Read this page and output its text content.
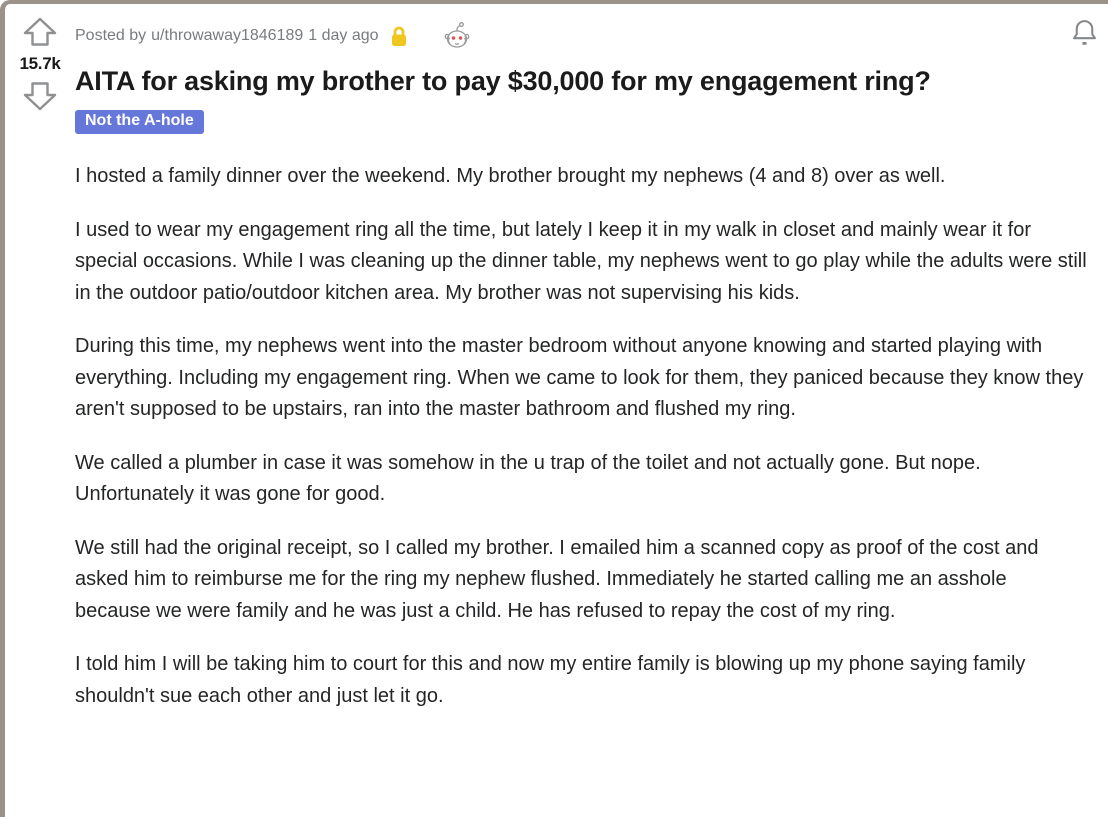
15.7k
Posted by u/throwaway1846189 1 day ago
AITA for asking my brother to pay $30,000 for my engagement ring?
Not the A-hole

I hosted a family dinner over the weekend. My brother brought my nephews (4 and 8) over as well.

I used to wear my engagement ring all the time, but lately I keep it in my walk in closet and mainly wear it for special occasions. While I was cleaning up the dinner table, my nephews went to go play while the adults were still in the outdoor patio/outdoor kitchen area. My brother was not supervising his kids.

During this time, my nephews went into the master bedroom without anyone knowing and started playing with everything. Including my engagement ring. When we came to look for them, they paniced because they know they aren't supposed to be upstairs, ran into the master bathroom and flushed my ring.

We called a plumber in case it was somehow in the u trap of the toilet and not actually gone. But nope. Unfortunately it was gone for good.

We still had the original receipt, so I called my brother. I emailed him a scanned copy as proof of the cost and asked him to reimburse me for the ring my nephew flushed. Immediately he started calling me an asshole because we were family and he was just a child. He has refused to repay the cost of my ring.

I told him I will be taking him to court for this and now my entire family is blowing up my phone saying family shouldn't sue each other and just let it go.
